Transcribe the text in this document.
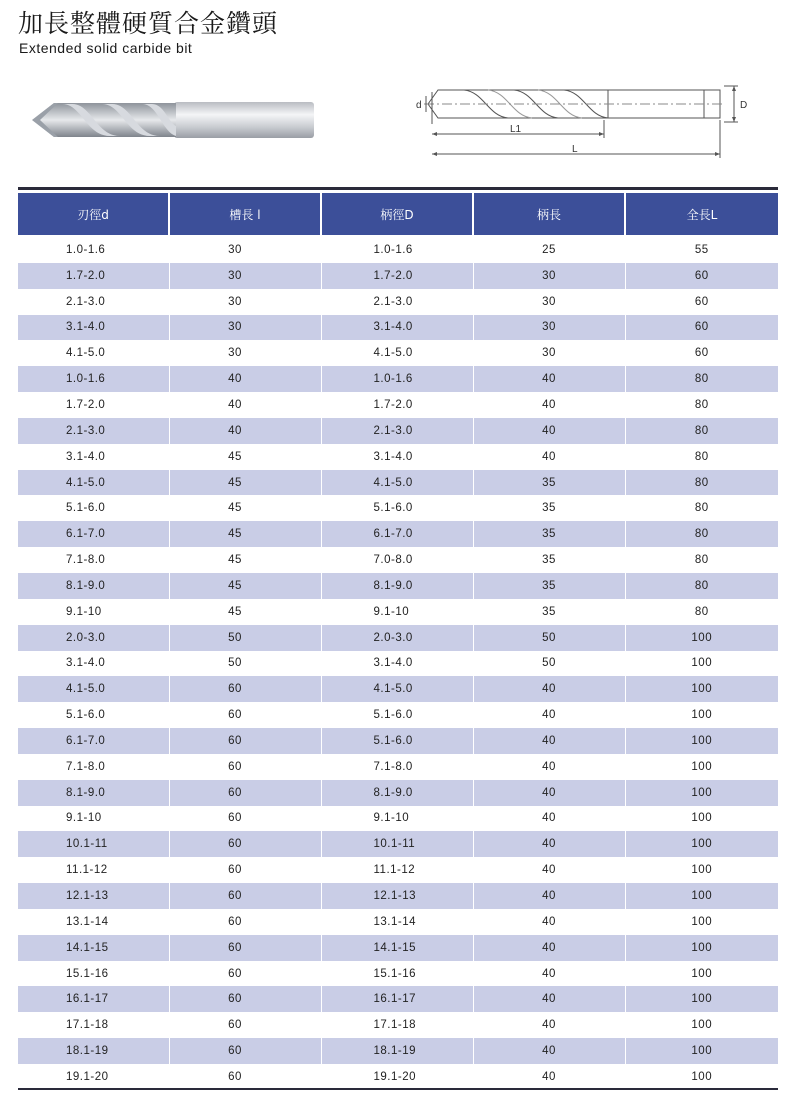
加長整體硬質合金鑽頭
Extended solid carbide bit
d	D
L1
L
刃徑d	槽長 l	柄徑D	柄長	全長L
1.0-1.6	30	1.0-1.6	25	55
1.7-2.0	30	1.7-2.0	30	60
2.1-3.0	30	2.1-3.0	30	60
3.1-4.0	30	3.1-4.0	30	60
4.1-5.0	30	4.1-5.0	30	60
1.0-1.6	40	1.0-1.6	40	80
1.7-2.0	40	1.7-2.0	40	80
2.1-3.0	40	2.1-3.0	40	80
3.1-4.0	45	3.1-4.0	40	80
4.1-5.0	45	4.1-5.0	35	80
5.1-6.0	45	5.1-6.0	35	80
6.1-7.0	45	6.1-7.0	35	80
7.1-8.0	45	7.0-8.0	35	80
8.1-9.0	45	8.1-9.0	35	80
9.1-10	45	9.1-10	35	80
2.0-3.0	50	2.0-3.0	50	100
3.1-4.0	50	3.1-4.0	50	100
4.1-5.0	60	4.1-5.0	40	100
5.1-6.0	60	5.1-6.0	40	100
6.1-7.0	60	5.1-6.0	40	100
7.1-8.0	60	7.1-8.0	40	100
8.1-9.0	60	8.1-9.0	40	100
9.1-10	60	9.1-10	40	100
10.1-11	60	10.1-11	40	100
11.1-12	60	11.1-12	40	100
12.1-13	60	12.1-13	40	100
13.1-14	60	13.1-14	40	100
14.1-15	60	14.1-15	40	100
15.1-16	60	15.1-16	40	100
16.1-17	60	16.1-17	40	100
17.1-18	60	17.1-18	40	100
18.1-19	60	18.1-19	40	100
19.1-20	60	19.1-20	40	100
